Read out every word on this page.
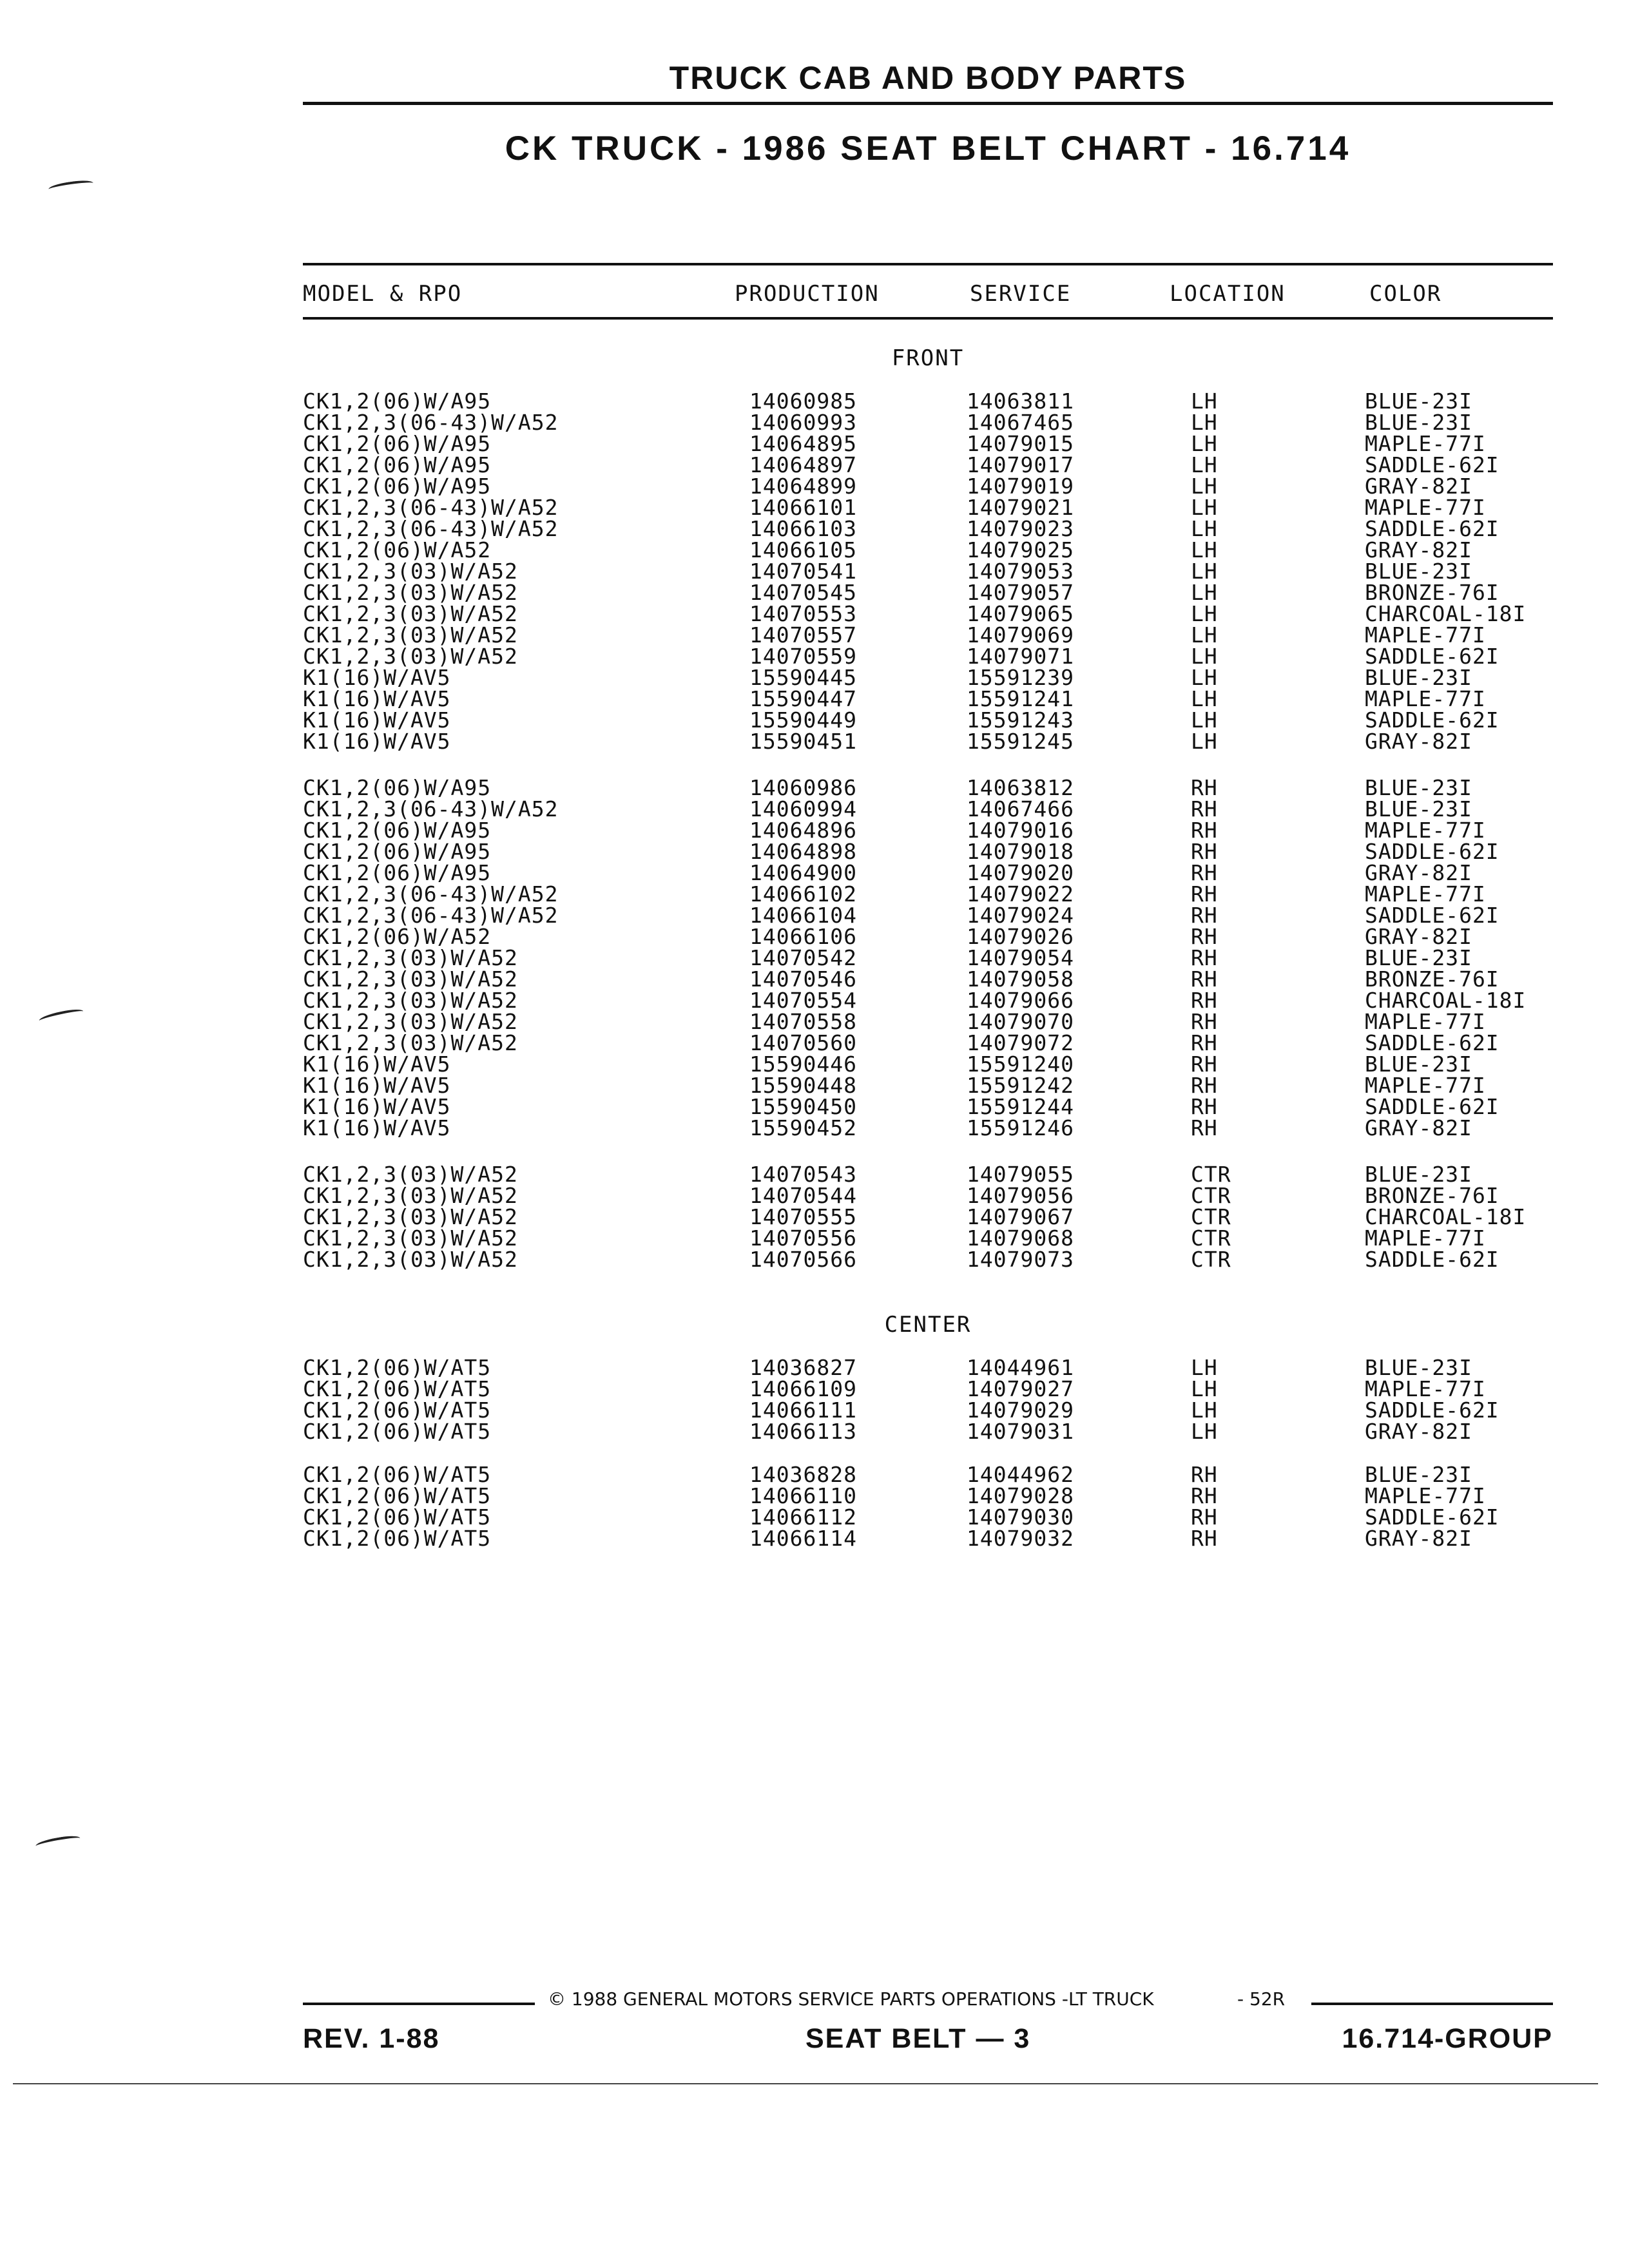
TRUCK CAB AND BODY PARTS
CK TRUCK - 1986 SEAT BELT CHART - 16.714
MODEL & RPO	PRODUCTION	SERVICE	LOCATION	COLOR
FRONT
CK1,2(06)W/A95	14060985	14063811	LH	BLUE-23I
CK1,2,3(06-43)W/A52	14060993	14067465	LH	BLUE-23I
CK1,2(06)W/A95	14064895	14079015	LH	MAPLE-77I
CK1,2(06)W/A95	14064897	14079017	LH	SADDLE-62I
CK1,2(06)W/A95	14064899	14079019	LH	GRAY-82I
CK1,2,3(06-43)W/A52	14066101	14079021	LH	MAPLE-77I
CK1,2,3(06-43)W/A52	14066103	14079023	LH	SADDLE-62I
CK1,2(06)W/A52	14066105	14079025	LH	GRAY-82I
CK1,2,3(03)W/A52	14070541	14079053	LH	BLUE-23I
CK1,2,3(03)W/A52	14070545	14079057	LH	BRONZE-76I
CK1,2,3(03)W/A52	14070553	14079065	LH	CHARCOAL-18I
CK1,2,3(03)W/A52	14070557	14079069	LH	MAPLE-77I
CK1,2,3(03)W/A52	14070559	14079071	LH	SADDLE-62I
K1(16)W/AV5	15590445	15591239	LH	BLUE-23I
K1(16)W/AV5	15590447	15591241	LH	MAPLE-77I
K1(16)W/AV5	15590449	15591243	LH	SADDLE-62I
K1(16)W/AV5	15590451	15591245	LH	GRAY-82I
CK1,2(06)W/A95	14060986	14063812	RH	BLUE-23I
CK1,2,3(06-43)W/A52	14060994	14067466	RH	BLUE-23I
CK1,2(06)W/A95	14064896	14079016	RH	MAPLE-77I
CK1,2(06)W/A95	14064898	14079018	RH	SADDLE-62I
CK1,2(06)W/A95	14064900	14079020	RH	GRAY-82I
CK1,2,3(06-43)W/A52	14066102	14079022	RH	MAPLE-77I
CK1,2,3(06-43)W/A52	14066104	14079024	RH	SADDLE-62I
CK1,2(06)W/A52	14066106	14079026	RH	GRAY-82I
CK1,2,3(03)W/A52	14070542	14079054	RH	BLUE-23I
CK1,2,3(03)W/A52	14070546	14079058	RH	BRONZE-76I
CK1,2,3(03)W/A52	14070554	14079066	RH	CHARCOAL-18I
CK1,2,3(03)W/A52	14070558	14079070	RH	MAPLE-77I
CK1,2,3(03)W/A52	14070560	14079072	RH	SADDLE-62I
K1(16)W/AV5	15590446	15591240	RH	BLUE-23I
K1(16)W/AV5	15590448	15591242	RH	MAPLE-77I
K1(16)W/AV5	15590450	15591244	RH	SADDLE-62I
K1(16)W/AV5	15590452	15591246	RH	GRAY-82I
CK1,2,3(03)W/A52	14070543	14079055	CTR	BLUE-23I
CK1,2,3(03)W/A52	14070544	14079056	CTR	BRONZE-76I
CK1,2,3(03)W/A52	14070555	14079067	CTR	CHARCOAL-18I
CK1,2,3(03)W/A52	14070556	14079068	CTR	MAPLE-77I
CK1,2,3(03)W/A52	14070566	14079073	CTR	SADDLE-62I
CENTER
CK1,2(06)W/AT5	14036827	14044961	LH	BLUE-23I
CK1,2(06)W/AT5	14066109	14079027	LH	MAPLE-77I
CK1,2(06)W/AT5	14066111	14079029	LH	SADDLE-62I
CK1,2(06)W/AT5	14066113	14079031	LH	GRAY-82I
CK1,2(06)W/AT5	14036828	14044962	RH	BLUE-23I
CK1,2(06)W/AT5	14066110	14079028	RH	MAPLE-77I
CK1,2(06)W/AT5	14066112	14079030	RH	SADDLE-62I
CK1,2(06)W/AT5	14066114	14079032	RH	GRAY-82I
© 1988 GENERAL MOTORS SERVICE PARTS OPERATIONS -LT TRUCK	- 52R
REV. 1-88	SEAT BELT — 3	16.714-GROUP
